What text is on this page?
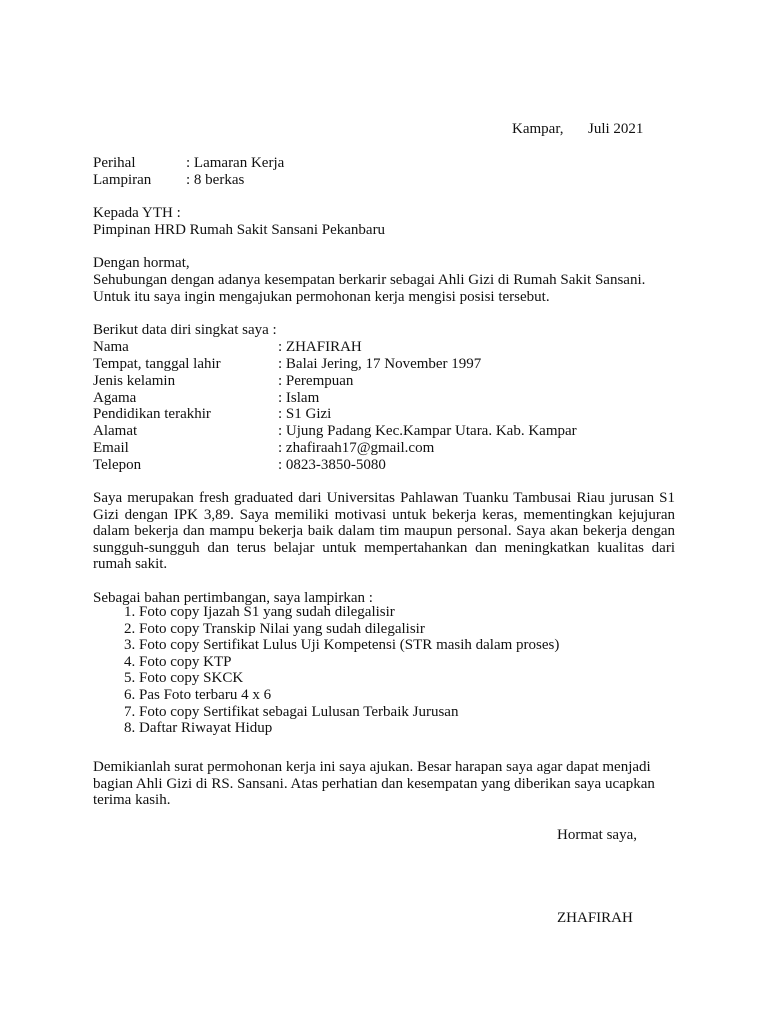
Kampar, Juli 2021
Perihal	: Lamaran Kerja
Lampiran : 8 berkas
Kepada YTH :
Pimpinan HRD Rumah Sakit Sansani Pekanbaru
Dengan hormat,
Sehubungan dengan adanya kesempatan berkarir sebagai Ahli Gizi di Rumah Sakit Sansani.
Untuk itu saya ingin mengajukan permohonan kerja mengisi posisi tersebut.
Berikut data diri singkat saya :
Nama	: ZHAFIRAH
Tempat, tanggal lahir	: Balai Jering, 17 November 1997
Jenis kelamin	: Perempuan
Agama	: Islam
Pendidikan terakhir	: S1 Gizi
Alamat	: Ujung Padang Kec.Kampar Utara. Kab. Kampar
Email	: zhafiraah17@gmail.com
Telepon	: 0823-3850-5080
Saya merupakan fresh graduated dari Universitas Pahlawan Tuanku Tambusai Riau jurusan S1 Gizi dengan IPK 3,89. Saya memiliki motivasi untuk bekerja keras, mementingkan kejujuran dalam bekerja dan mampu bekerja baik dalam tim maupun personal. Saya akan bekerja dengan sungguh-sungguh dan terus belajar untuk mempertahankan dan meningkatkan kualitas dari rumah sakit.
Sebagai bahan pertimbangan, saya lampirkan :
1. Foto copy Ijazah S1 yang sudah dilegalisir
2. Foto copy Transkip Nilai yang sudah dilegalisir
3. Foto copy Sertifikat Lulus Uji Kompetensi (STR masih dalam proses)
4. Foto copy KTP
5. Foto copy SKCK
6. Pas Foto terbaru 4 x 6
7. Foto copy Sertifikat sebagai Lulusan Terbaik Jurusan
8. Daftar Riwayat Hidup
Demikianlah surat permohonan kerja ini saya ajukan. Besar harapan saya agar dapat menjadi bagian Ahli Gizi di RS. Sansani. Atas perhatian dan kesempatan yang diberikan saya ucapkan terima kasih.
Hormat saya,
ZHAFIRAH
